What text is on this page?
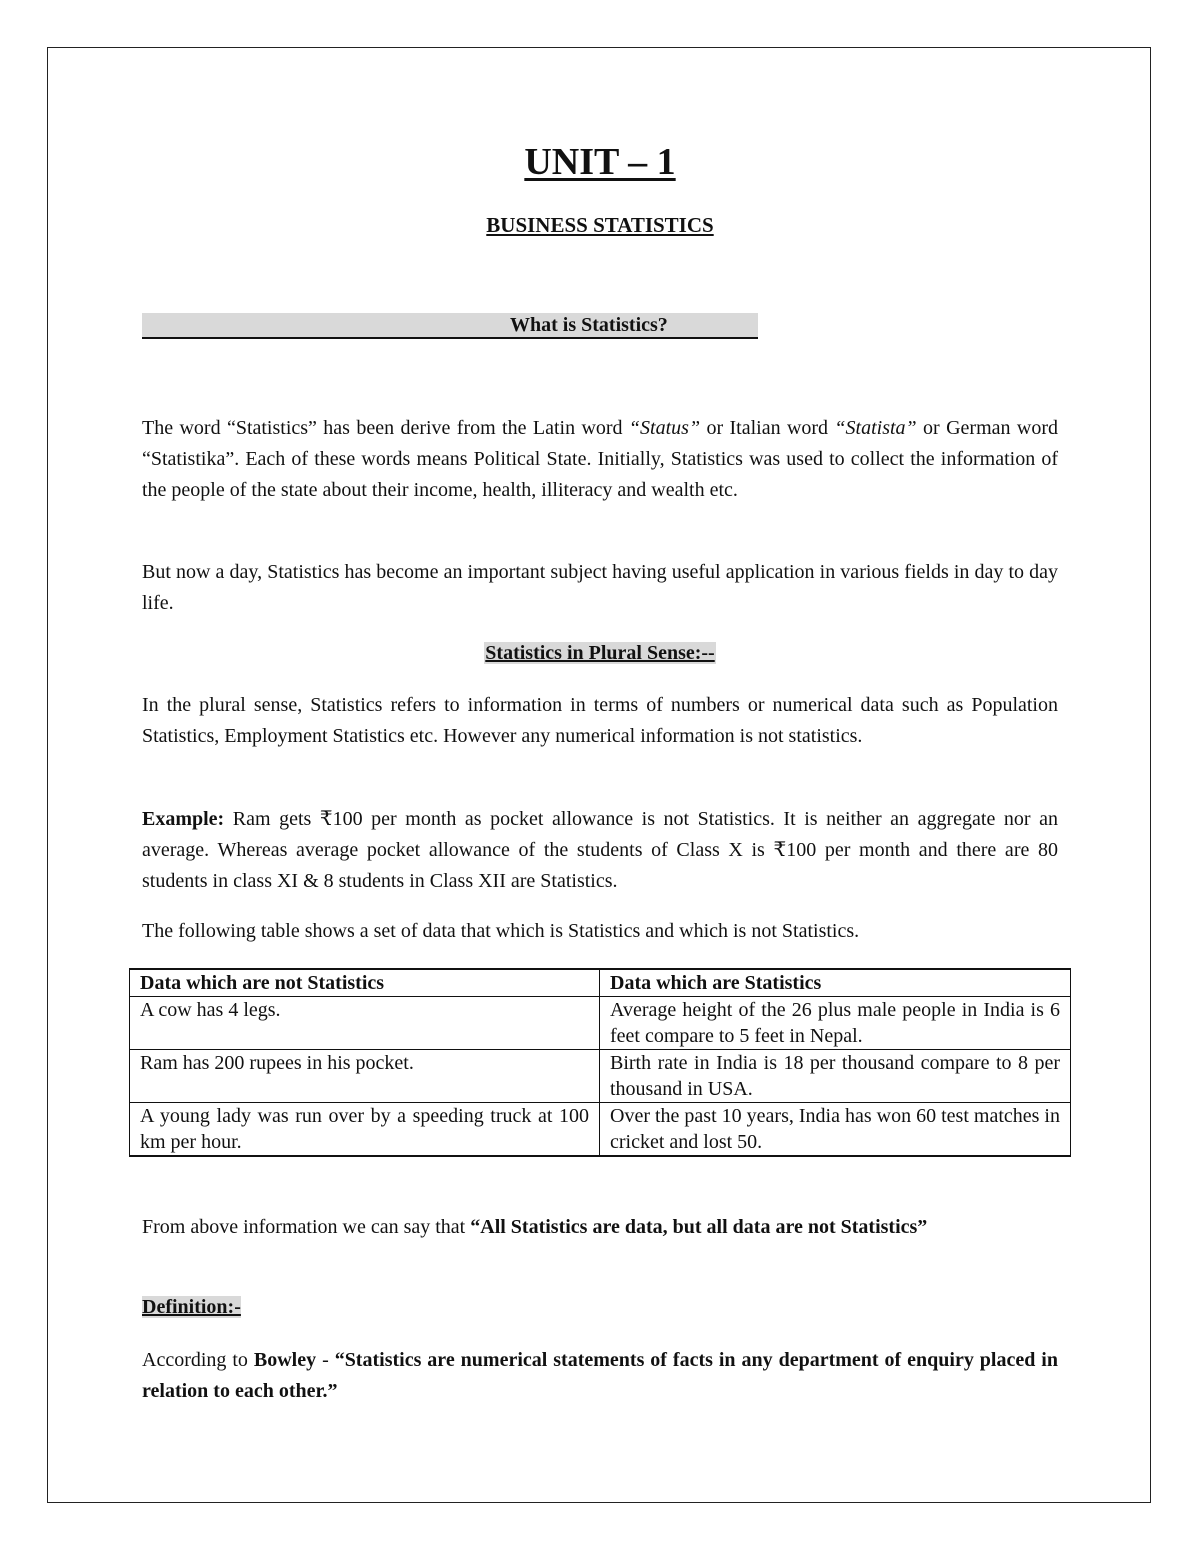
UNIT – 1
BUSINESS STATISTICS
What is Statistics?

The word “Statistics” has been derive from the Latin word “Status” or Italian word “Statista” or German word “Statistika”. Each of these words means Political State. Initially, Statistics was used to collect the information of the people of the state about their income, health, illiteracy and wealth etc.

But now a day, Statistics has become an important subject having useful application in various fields in day to day life.

Statistics in Plural Sense:--

In the plural sense, Statistics refers to information in terms of numbers or numerical data such as Population Statistics, Employment Statistics etc. However any numerical information is not statistics.

Example: Ram gets ₹100 per month as pocket allowance is not Statistics. It is neither an aggregate nor an average. Whereas average pocket allowance of the students of Class X is ₹100 per month and there are 80 students in class XI & 8 students in Class XII are Statistics.

The following table shows a set of data that which is Statistics and which is not Statistics.

From above information we can say that “All Statistics are data, but all data are not Statistics”

Definition:-

According to Bowley - “Statistics are numerical statements of facts in any department of enquiry placed in relation to each other.”

Data which are not Statistics	Data which are Statistics
A cow has 4 legs.	Average height of the 26 plus male people in India is 6 feet compare to 5 feet in Nepal.
Ram has 200 rupees in his pocket.	Birth rate in India is 18 per thousand compare to 8 per thousand in USA.
A young lady was run over by a speeding truck at 100 km per hour.	Over the past 10 years, India has won 60 test matches in cricket and lost 50.
